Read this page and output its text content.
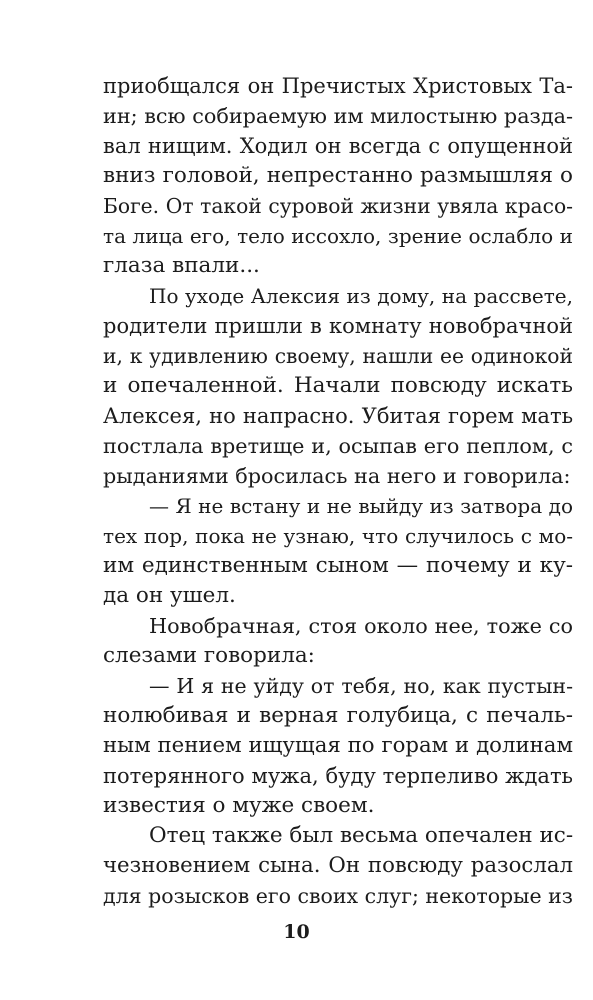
приобщался он Пречистых Христовых Та-
ин; всю собираемую им милостыню разда-
вал нищим. Ходил он всегда с опущенной
вниз головой, непрестанно размышляя о
Боге. От такой суровой жизни увяла красо-
та лица его, тело иссохло, зрение ослабло и
глаза впали...
По уходе Алексия из дому, на рассвете,
родители пришли в комнату новобрачной
и, к удивлению своему, нашли ее одинокой
и опечаленной. Начали повсюду искать
Алексея, но напрасно. Убитая горем мать
постлала вретище и, осыпав его пеплом, с
рыданиями бросилась на него и говорила:
— Я не встану и не выйду из затвора до
тех пор, пока не узнаю, что случилось с мо-
им единственным сыном — почему и ку-
да он ушел.
Новобрачная, стоя около нее, тоже со
слезами говорила:
— И я не уйду от тебя, но, как пустын-
нолюбивая и верная голубица, с печаль-
ным пением ищущая по горам и долинам
потерянного мужа, буду терпеливо ждать
известия о муже своем.
Отец также был весьма опечален ис-
чезновением сына. Он повсюду разослал
для розысков его своих слуг; некоторые из
10
